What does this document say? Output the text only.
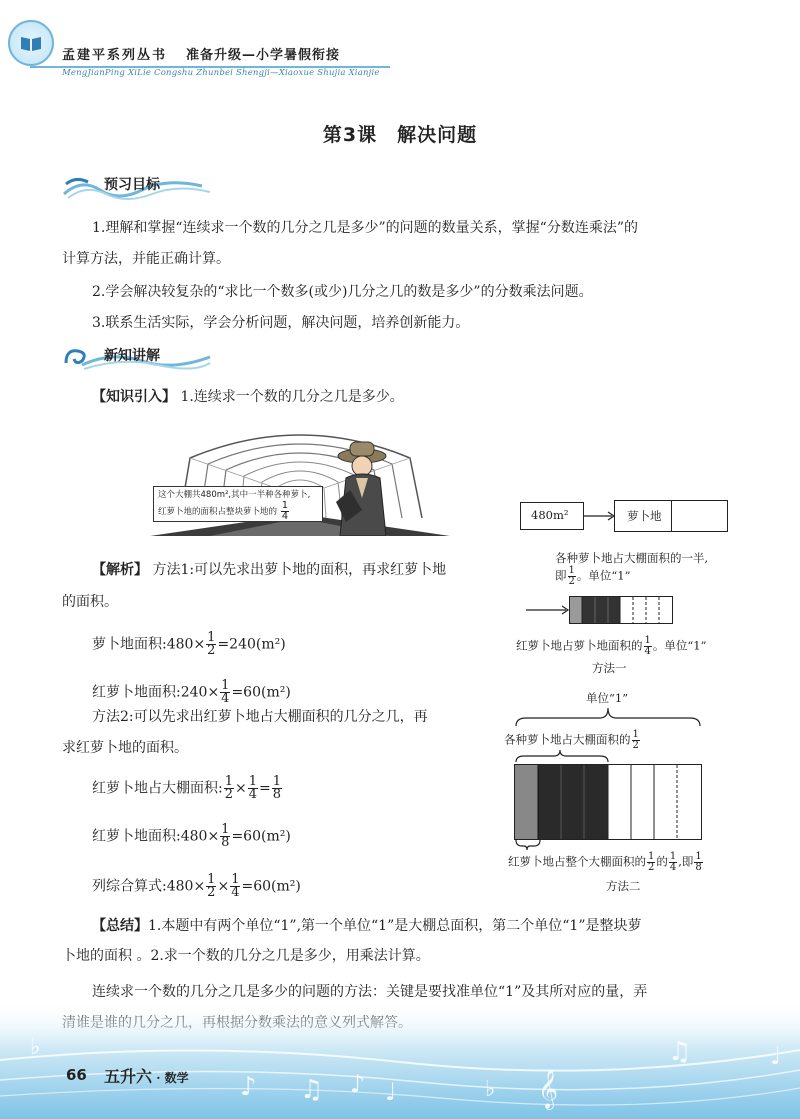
孟建平系列丛书 准备升级—小学暑假衔接
MengJianPing XiLie Congshu Zhunbei Shengji—Xiaoxue Shujia Xianjie
第3课　解决问题
预习目标
1.理解和掌握“连续求一个数的几分之几是多少”的问题的数量关系，掌握“分数连乘法”的
计算方法，并能正确计算。
2.学会解决较复杂的“求比一个数多(或少)几分之几的数是多少”的分数乘法问题。
3.联系生活实际，学会分析问题，解决问题，培养创新能力。
新知讲解
【知识引入】 1.连续求一个数的几分之几是多少。
这个大棚共480m²,其中一半种各种萝卜,
红萝卜地的面积占整块萝卜地的 $\frac{1}{4}$
【解析】 方法1:可以先求出萝卜地的面积，再求红萝卜地
的面积。
萝卜地面积:480× $\frac{1}{2} =240(m^2)$
红萝卜地面积:240× $\frac{1}{4} =60(m^2)$
方法2:可以先求出红萝卜地占大棚面积的几分之几，再
求红萝卜地的面积。
红萝卜地占大棚面积: $\frac{1}{2} \times \frac{1}{4} = \frac{1}{8}$
红萝卜地面积:480× $\frac{1}{8} =60(m^2)$
列综合算式:480× $\frac{1}{2} \times \frac{1}{4} =60(m^2)$
480m²	萝卜地
各种萝卜地占大棚面积的一半,
即 $\frac{1}{2}$ 。单位“1”
红萝卜地占萝卜地面积的 $\frac{1}{4}$ 。单位“1”
方法一
单位“1”
各种萝卜地占大棚面积的 $\frac{1}{2}$
红萝卜地占整个大棚面积的 $\frac{1}{2}$ 的 $\frac{1}{4}$ ,即 $\frac{1}{8}$
方法二
【总结】1.本题中有两个单位“1”,第一个单位“1”是大棚总面积，第二个单位“1”是整块萝
卜地的面积 。2.求一个数的几分之几是多少，用乘法计算。
连续求一个数的几分之几是多少的问题的方法：关键是要找准单位“1”及其所对应的量，弄
♪ ♫ ♪ ♩	♭ 𝄞
♫	♩
♭
66 五升六 · 数学
